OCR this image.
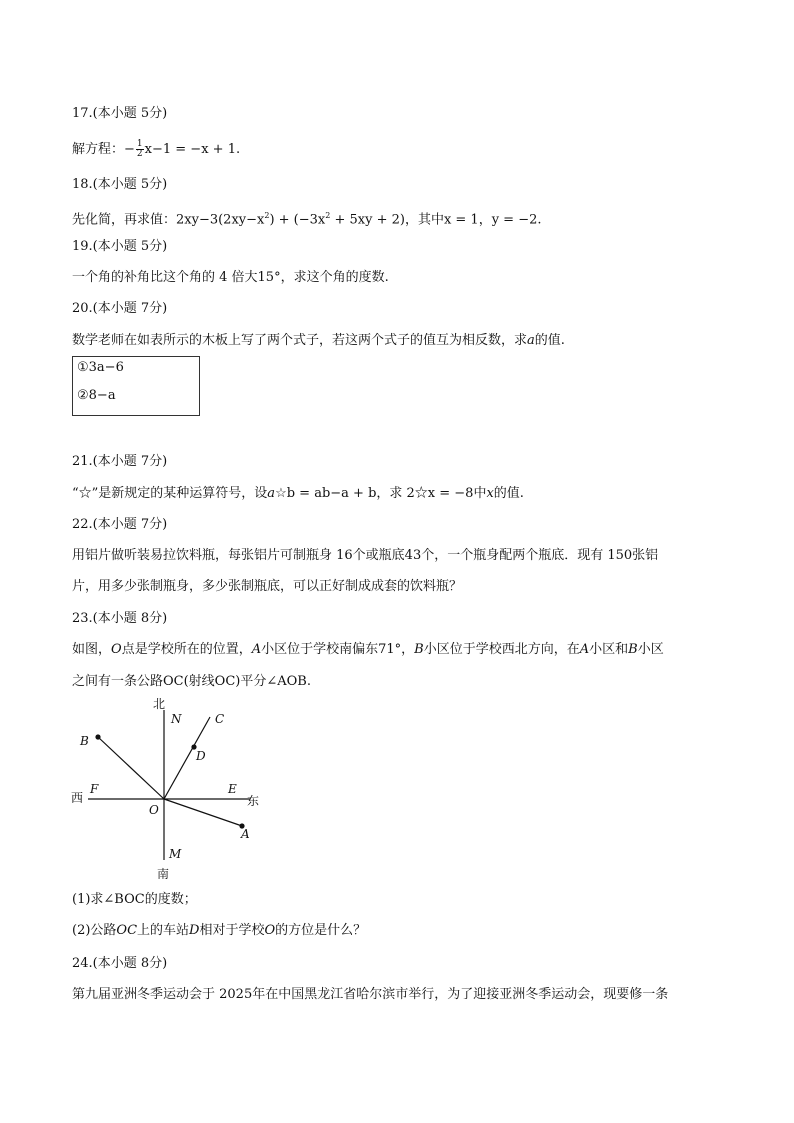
17.(本小题 5分)
解方程：− $\frac{1}{2} x-1 = -x + 1$.
18.(本小题 5分)
先化简，再求值：$2xy-3(2xy-x^2) + (-3x^2 + 5xy + 2)$，其中x = 1，y = −2.
19.(本小题 5分)
一个角的补角比这个角的 4 倍大15°，求这个角的度数.
20.(本小题 7分)
数学老师在如表所示的木板上写了两个式子，若这两个式子的值互为相反数，求a的值.
①3a−6
②8−a
21.(本小题 7分)
“☆”是新规定的某种运算符号，设a☆b = ab−a + b，求 2☆x = −8中x的值.
22.(本小题 7分)
用铝片做听装易拉饮料瓶，每张铝片可制瓶身 16个或瓶底43个，一个瓶身配两个瓶底．现有 150张铝
片，用多少张制瓶身，多少张制瓶底，可以正好制成成套的饮料瓶？
23.(本小题 8分)
如图，O点是学校所在的位置，A小区位于学校南偏东71°，B小区位于学校西北方向，在A小区和B小区
之间有一条公路OC(射线OC)平分∠AOB.
北
N	C
B
D
西
F	E
东
O
A
M
南
(1)求∠BOC的度数；
(2)公路OC上的车站D相对于学校O的方位是什么？
24.(本小题 8分)
第九届亚洲冬季运动会于 2025年在中国黑龙江省哈尔滨市举行，为了迎接亚洲冬季运动会，现要修一条
